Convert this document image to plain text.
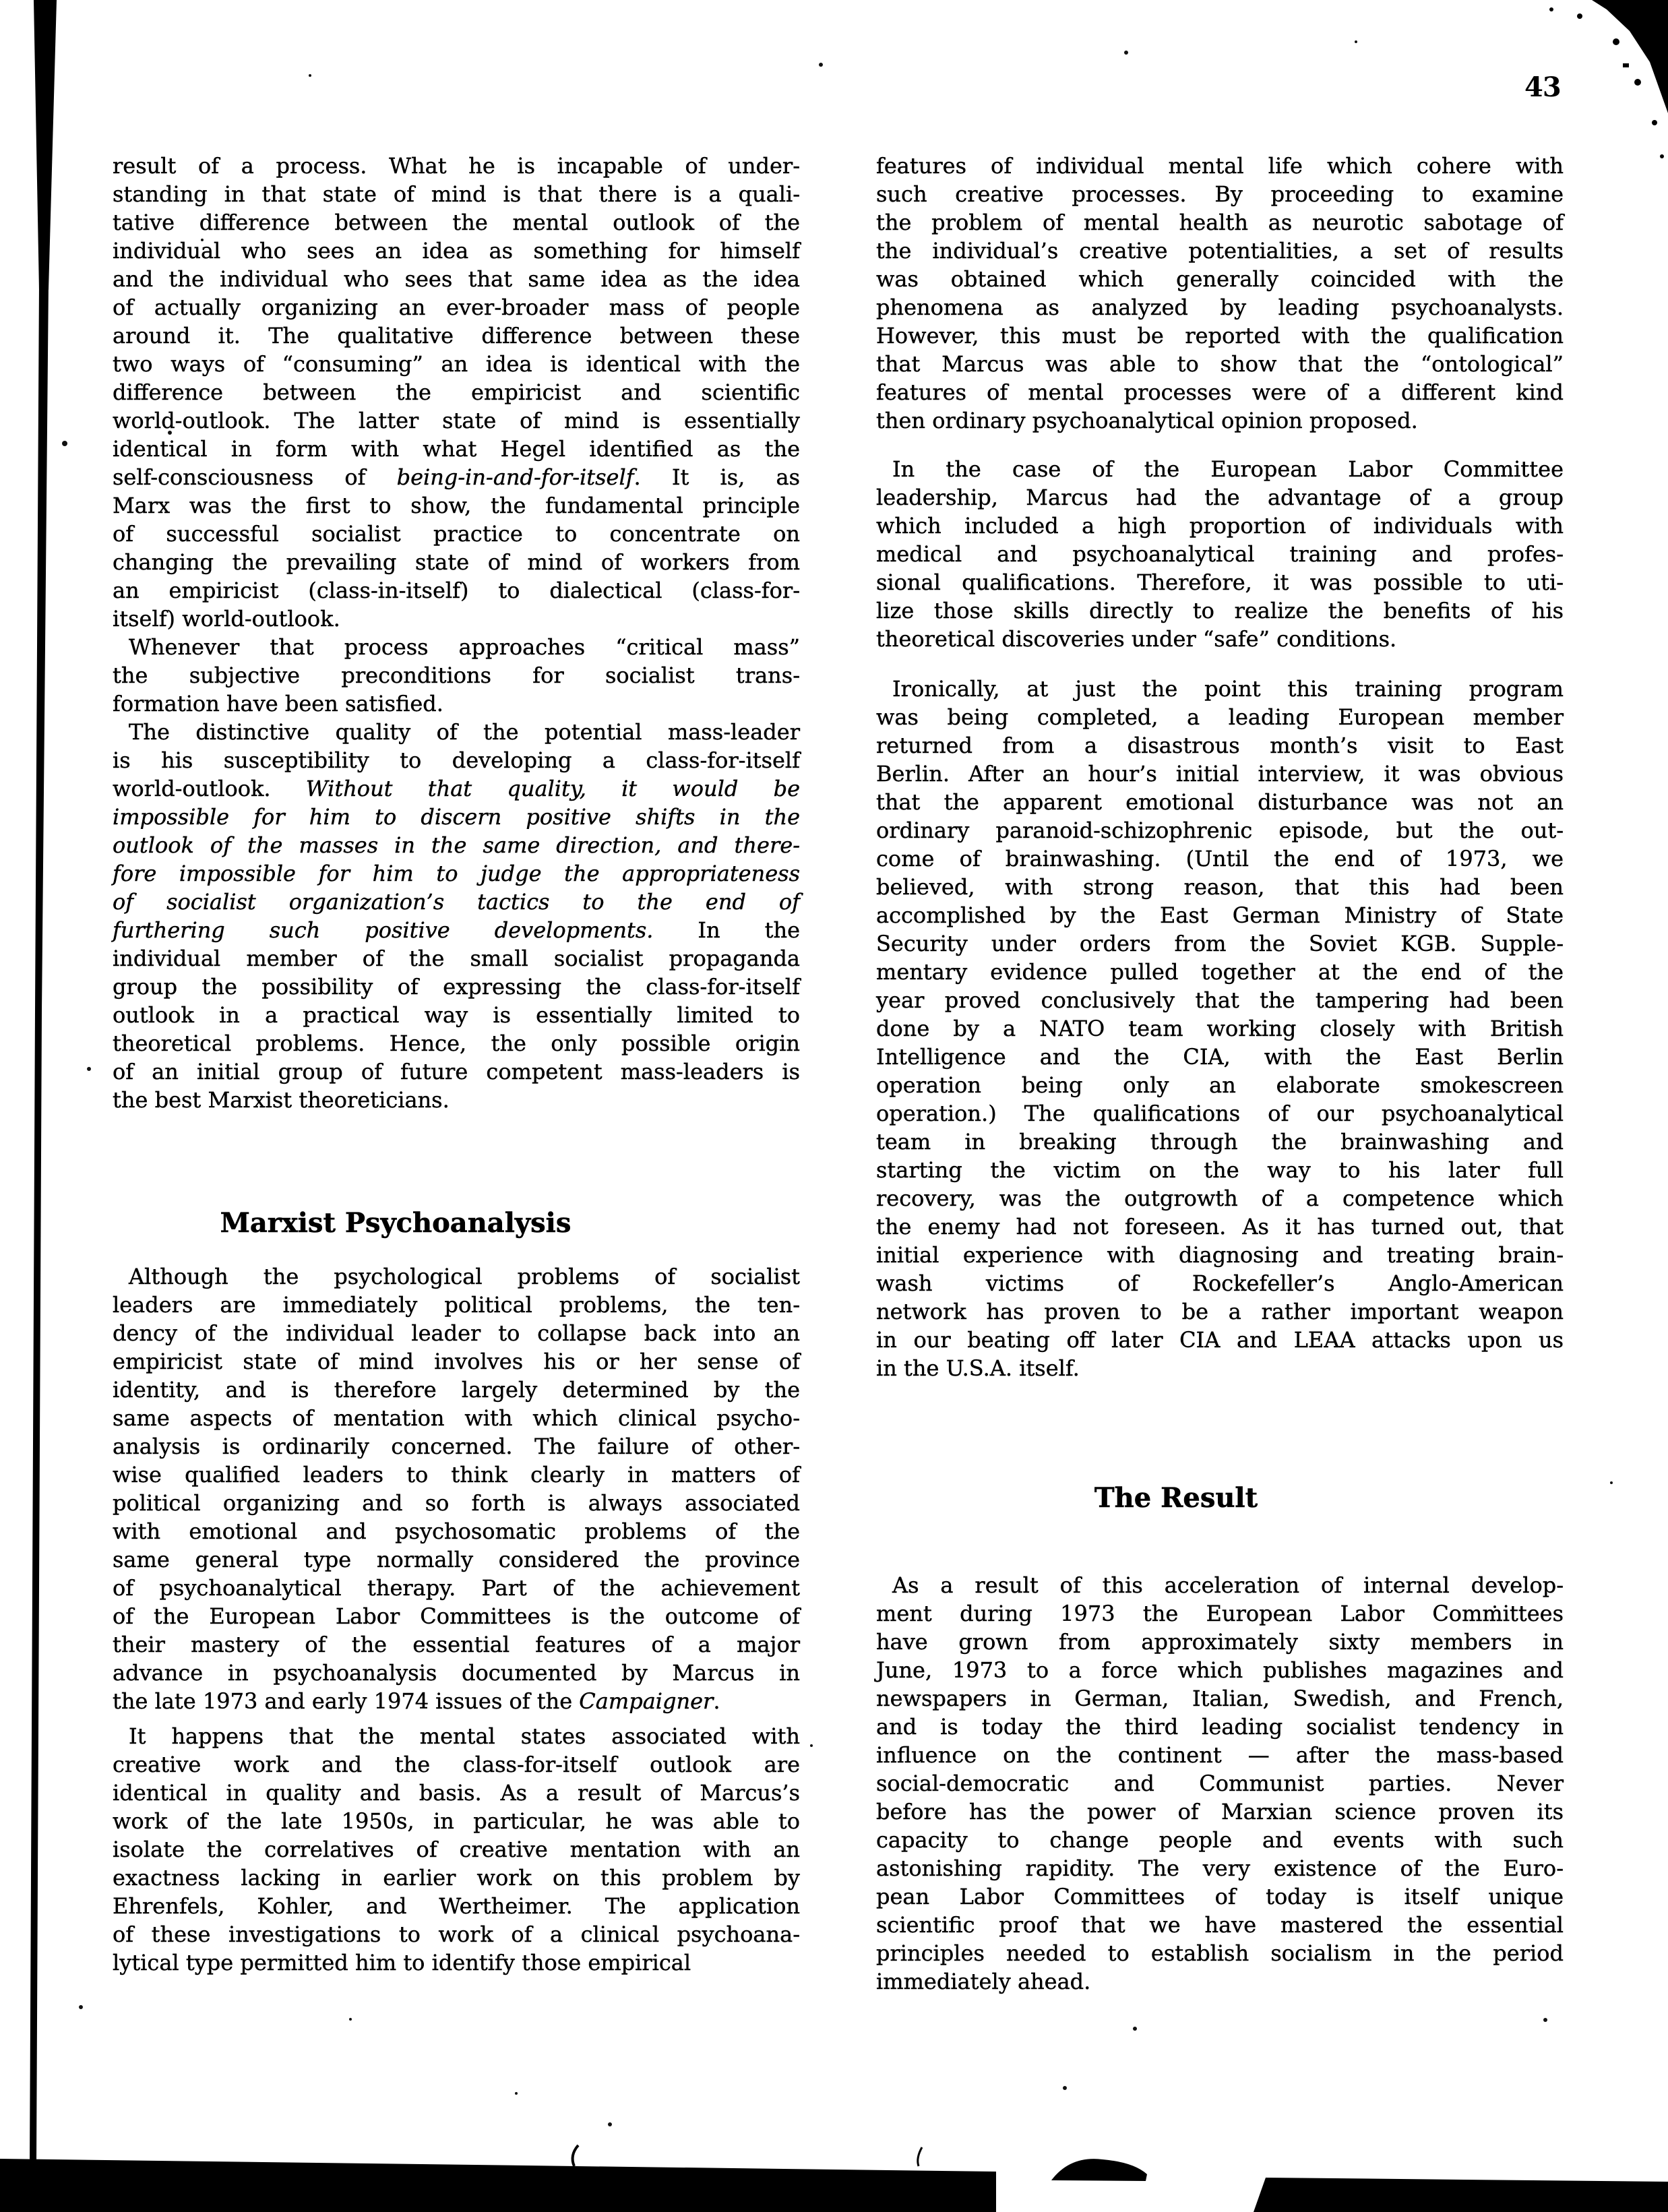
43
result of a process. What he is incapable of under-
standing in that state of mind is that there is a quali-
tative difference between the mental outlook of the
individual who sees an idea as something for himself
and the individual who sees that same idea as the idea
of actually organizing an ever-broader mass of people
around it. The qualitative difference between these
two ways of “consuming” an idea is identical with the
difference between the empiricist and scientific
world-outlook. The latter state of mind is essentially
identical in form with what Hegel identified as the
self-consciousness of being-in-and-for-itself. It is, as
Marx was the first to show, the fundamental principle
of successful socialist practice to concentrate on
changing the prevailing state of mind of workers from
an empiricist (class-in-itself) to dialectical (class-for-
itself) world-outlook.
Whenever that process approaches “critical mass”
the subjective preconditions for socialist trans-
formation have been satisfied.
The distinctive quality of the potential mass-leader
is his susceptibility to developing a class-for-itself
world-outlook. Without that quality, it would be
impossible for him to discern positive shifts in the
outlook of the masses in the same direction, and there-
fore impossible for him to judge the appropriateness
of socialist organization’s tactics to the end of
furthering such positive developments. In the
individual member of the small socialist propaganda
group the possibility of expressing the class-for-itself
outlook in a practical way is essentially limited to
theoretical problems. Hence, the only possible origin
of an initial group of future competent mass-leaders is
the best Marxist theoreticians.
Marxist Psychoanalysis
Although the psychological problems of socialist
leaders are immediately political problems, the ten-
dency of the individual leader to collapse back into an
empiricist state of mind involves his or her sense of
identity, and is therefore largely determined by the
same aspects of mentation with which clinical psycho-
analysis is ordinarily concerned. The failure of other-
wise qualified leaders to think clearly in matters of
political organizing and so forth is always associated
with emotional and psychosomatic problems of the
same general type normally considered the province
of psychoanalytical therapy. Part of the achievement
of the European Labor Committees is the outcome of
their mastery of the essential features of a major
advance in psychoanalysis documented by Marcus in
the late 1973 and early 1974 issues of the Campaigner.
It happens that the mental states associated with
creative work and the class-for-itself outlook are
identical in quality and basis. As a result of Marcus’s
work of the late 1950s, in particular, he was able to
isolate the correlatives of creative mentation with an
exactness lacking in earlier work on this problem by
Ehrenfels, Kohler, and Wertheimer. The application
of these investigations to work of a clinical psychoana-
lytical type permitted him to identify those empirical
features of individual mental life which cohere with
such creative processes. By proceeding to examine
the problem of mental health as neurotic sabotage of
the individual’s creative potentialities, a set of results
was obtained which generally coincided with the
phenomena as analyzed by leading psychoanalysts.
However, this must be reported with the qualification
that Marcus was able to show that the “ontological”
features of mental processes were of a different kind
then ordinary psychoanalytical opinion proposed.
In the case of the European Labor Committee
leadership, Marcus had the advantage of a group
which included a high proportion of individuals with
medical and psychoanalytical training and profes-
sional qualifications. Therefore, it was possible to uti-
lize those skills directly to realize the benefits of his
theoretical discoveries under “safe” conditions.
Ironically, at just the point this training program
was being completed, a leading European member
returned from a disastrous month’s visit to East
Berlin. After an hour’s initial interview, it was obvious
that the apparent emotional disturbance was not an
ordinary paranoid-schizophrenic episode, but the out-
come of brainwashing. (Until the end of 1973, we
believed, with strong reason, that this had been
accomplished by the East German Ministry of State
Security under orders from the Soviet KGB. Supple-
mentary evidence pulled together at the end of the
year proved conclusively that the tampering had been
done by a NATO team working closely with British
Intelligence and the CIA, with the East Berlin
operation being only an elaborate smokescreen
operation.) The qualifications of our psychoanalytical
team in breaking through the brainwashing and
starting the victim on the way to his later full
recovery, was the outgrowth of a competence which
the enemy had not foreseen. As it has turned out, that
initial experience with diagnosing and treating brain-
wash victims of Rockefeller’s Anglo-American
network has proven to be a rather important weapon
in our beating off later CIA and LEAA attacks upon us
in the U.S.A. itself.
The Result
As a result of this acceleration of internal develop-
ment during 1973 the European Labor Committees
have grown from approximately sixty members in
June, 1973 to a force which publishes magazines and
newspapers in German, Italian, Swedish, and French,
and is today the third leading socialist tendency in
influence on the continent — after the mass-based
social-democratic and Communist parties. Never
before has the power of Marxian science proven its
capacity to change people and events with such
astonishing rapidity. The very existence of the Euro-
pean Labor Committees of today is itself unique
scientific proof that we have mastered the essential
principles needed to establish socialism in the period
immediately ahead.
